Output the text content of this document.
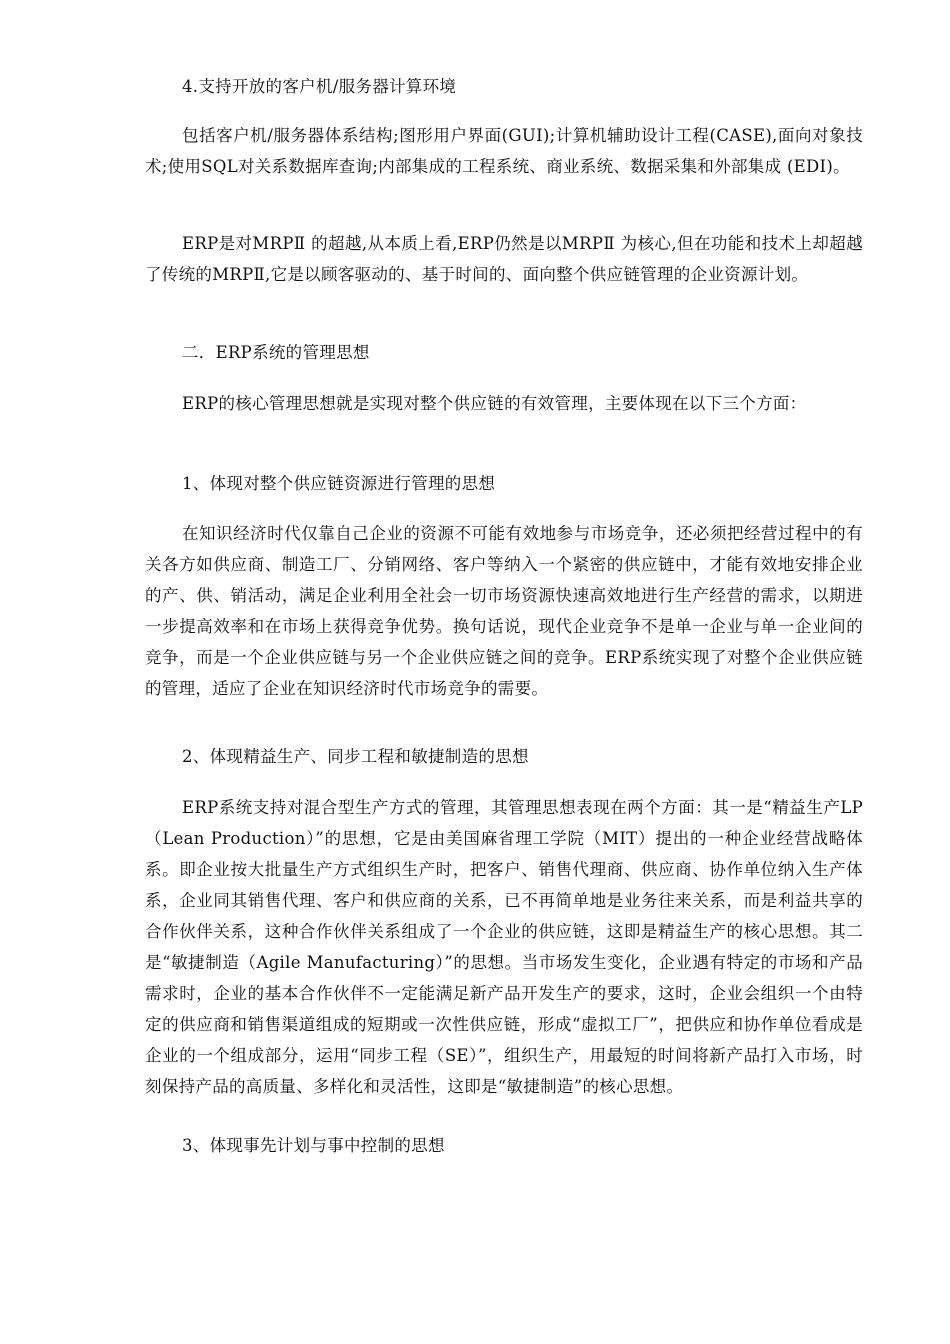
4.支持开放的客户机/服务器计算环境

包括客户机/服务器体系结构;图形用户界面(GUI);计算机辅助设计工程(CASE),面向对象技术;使用SQL对关系数据库查询;内部集成的工程系统、商业系统、数据采集和外部集成 (EDI)。

ERP是对MRPⅡ 的超越,从本质上看,ERP仍然是以MRPⅡ 为核心,但在功能和技术上却超越了传统的MRPⅡ,它是以顾客驱动的、基于时间的、面向整个供应链管理的企业资源计划。

二．ERP系统的管理思想

ERP的核心管理思想就是实现对整个供应链的有效管理，主要体现在以下三个方面：

1、体现对整个供应链资源进行管理的思想

在知识经济时代仅靠自己企业的资源不可能有效地参与市场竞争，还必须把经营过程中的有关各方如供应商、制造工厂、分销网络、客户等纳入一个紧密的供应链中，才能有效地安排企业的产、供、销活动，满足企业利用全社会一切市场资源快速高效地进行生产经营的需求，以期进一步提高效率和在市场上获得竞争优势。换句话说，现代企业竞争不是单一企业与单一企业间的竞争，而是一个企业供应链与另一个企业供应链之间的竞争。ERP系统实现了对整个企业供应链的管理，适应了企业在知识经济时代市场竞争的需要。

2、体现精益生产、同步工程和敏捷制造的思想

ERP系统支持对混合型生产方式的管理，其管理思想表现在两个方面：其一是“精益生产LP（Lean Production）”的思想，它是由美国麻省理工学院（MIT）提出的一种企业经营战略体系。即企业按大批量生产方式组织生产时，把客户、销售代理商、供应商、协作单位纳入生产体系，企业同其销售代理、客户和供应商的关系，已不再简单地是业务往来关系，而是利益共享的合作伙伴关系，这种合作伙伴关系组成了一个企业的供应链，这即是精益生产的核心思想。其二是“敏捷制造（Agile Manufacturing）”的思想。当市场发生变化，企业遇有特定的市场和产品需求时，企业的基本合作伙伴不一定能满足新产品开发生产的要求，这时，企业会组织一个由特定的供应商和销售渠道组成的短期或一次性供应链，形成“虚拟工厂”，把供应和协作单位看成是企业的一个组成部分，运用“同步工程（SE）”，组织生产，用最短的时间将新产品打入市场，时刻保持产品的高质量、多样化和灵活性，这即是“敏捷制造”的核心思想。

3、体现事先计划与事中控制的思想
